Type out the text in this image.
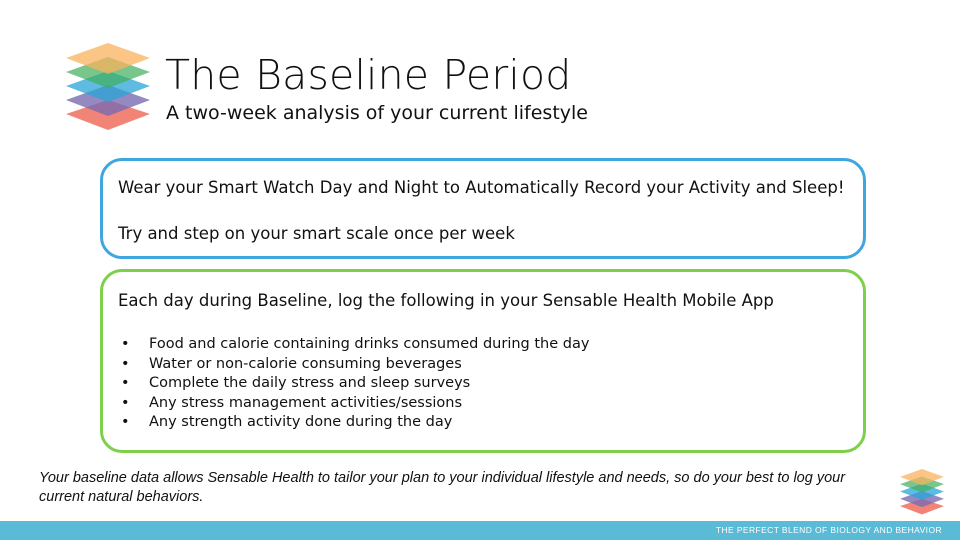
The Baseline Period

A two-week analysis of your current lifestyle

Wear your Smart Watch Day and Night to Automatically Record your Activity and Sleep!
Try and step on your smart scale once per week
Each day during Baseline, log the following in your Sensable Health Mobile App
• Food and calorie containing drinks consumed during the day
• Water or non-calorie consuming beverages
• Complete the daily stress and sleep surveys
• Any stress management activities/sessions
• Any strength activity done during the day

Your baseline data allows Sensable Health to tailor your plan to your individual lifestyle and needs, so do your best to log your current natural behaviors.

THE PERFECT BLEND OF BIOLOGY AND BEHAVIOR
